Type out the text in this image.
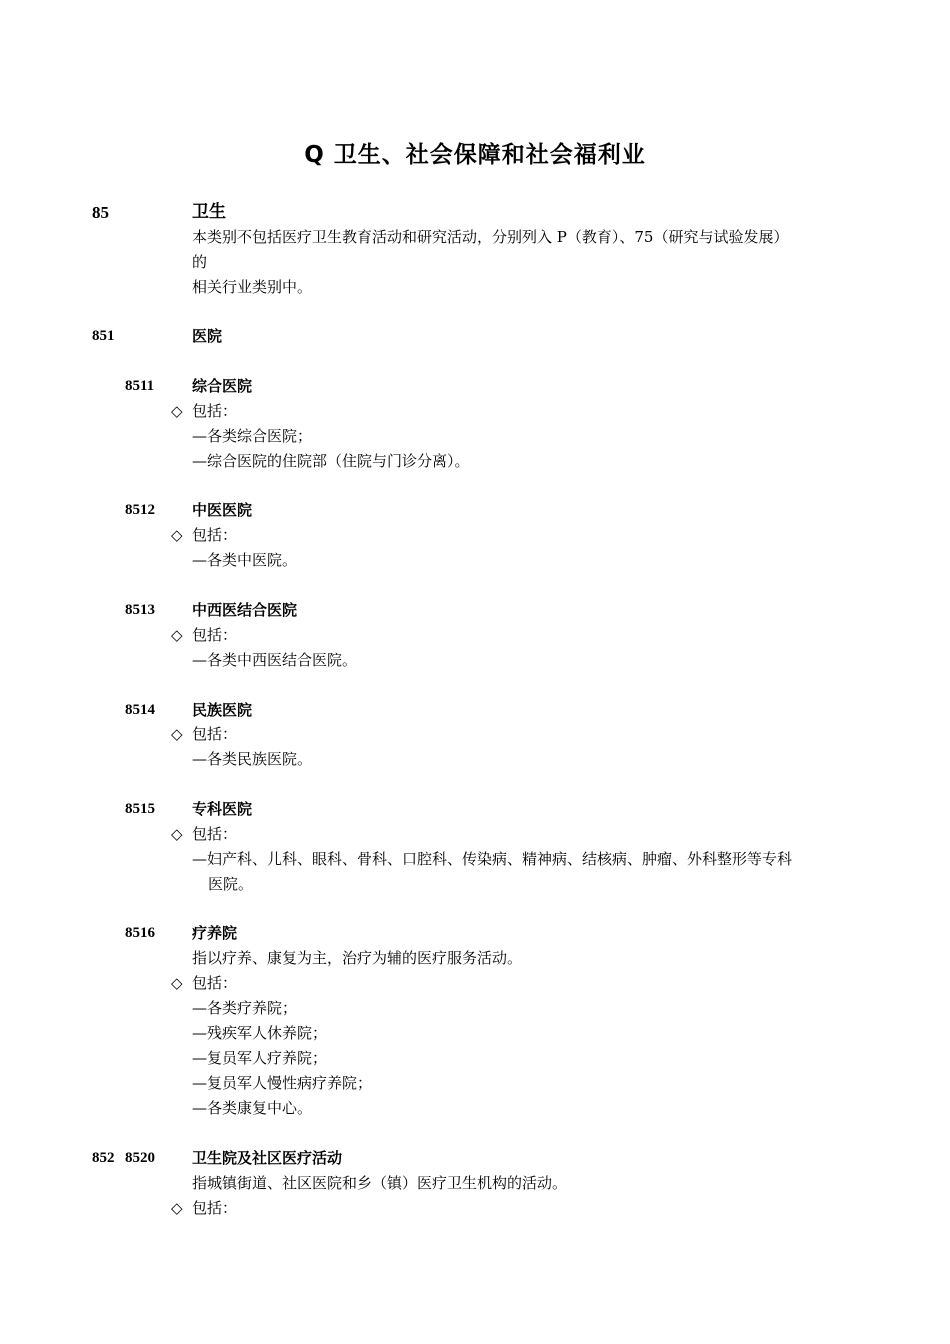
Q 卫生、社会保障和社会福利业
85	卫生
本类别不包括医疗卫生教育活动和研究活动，分别列入 P（教育）、75（研究与试验发展）
的
相关行业类别中。
851	医院
8511	综合医院
◇ 包括：
—各类综合医院；
—综合医院的住院部（住院与门诊分离）。
8512 中医医院
◇ 包括：
—各类中医院。
8513 中西医结合医院
◇ 包括：
—各类中西医结合医院。
8514 民族医院
◇ 包括：
—各类民族医院。
8515 专科医院
◇ 包括：
—妇产科、儿科、眼科、骨科、口腔科、传染病、精神病、结核病、肿瘤、外科整形等专科
医院。
8516 疗养院
指以疗养、康复为主，治疗为辅的医疗服务活动。
◇ 包括：
—各类疗养院；
—残疾军人休养院；
—复员军人疗养院；
—复员军人慢性病疗养院；
—各类康复中心。
852 8520 卫生院及社区医疗活动
指城镇街道、社区医院和乡（镇）医疗卫生机构的活动。
◇ 包括：
